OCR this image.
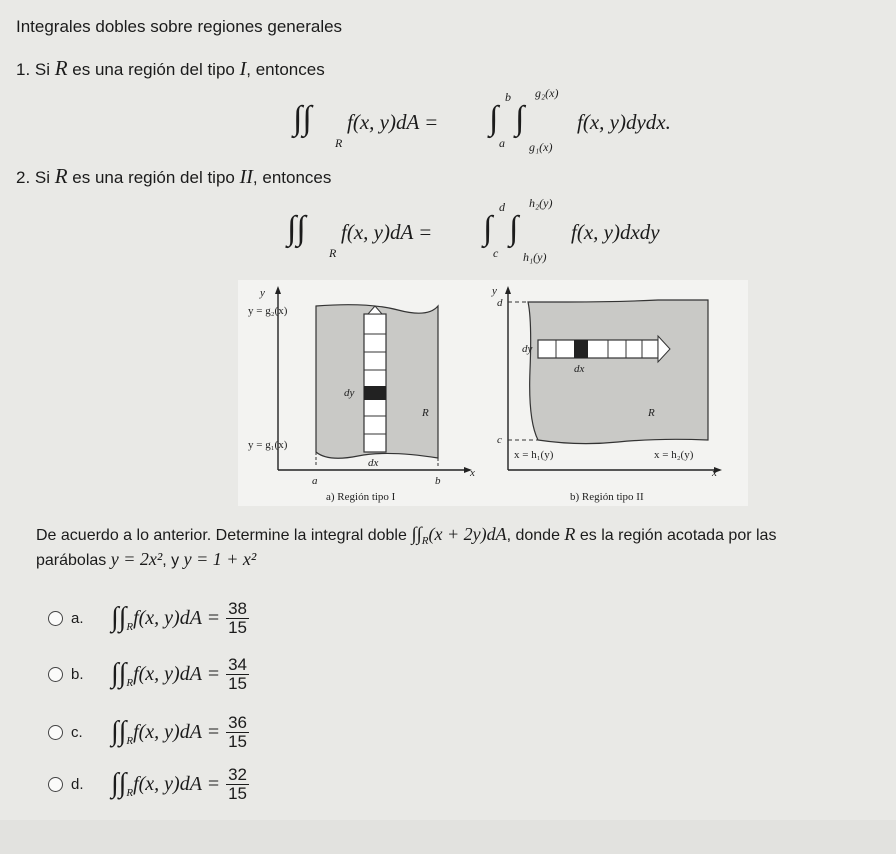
Integrales dobles sobre regiones generales
1. Si R es una región del tipo I, entonces
∫∫
R
f(x, y)dA = ∫
b
a
∫
g₂(x)
g₁(x)
f(x, y)dydx.
2. Si R es una región del tipo II, entonces
∫∫
R
f(x, y)dA = ∫
d
c
∫
h₂(y)
h₁(y)
f(x, y)dxdy
y
x
y = g₂(x)
y = g₁(x)
a	b
dy
dx
R
a) Región tipo I
y
x
d
c
dy
dx
R
x = h₁(y)	x = h₂(y)
b) Región tipo II
De acuerdo a lo anterior. Determine la integral doble $\int\int_R(x + 2y)dA$, donde R es la región acotada por las
parábolas y = 2x², y y = 1 + x²
a. $\int\int_R$ f(x, $y)dA = \frac{38}{15}$
b. $\int\int_R$ f(x, $y)dA = \frac{34}{15}$
c.	$\int\int_R$ f(x, $y)dA = \frac{36}{15}$
d. $\int\int_R$ f(x, $y)dA = \frac{32}{15}$
